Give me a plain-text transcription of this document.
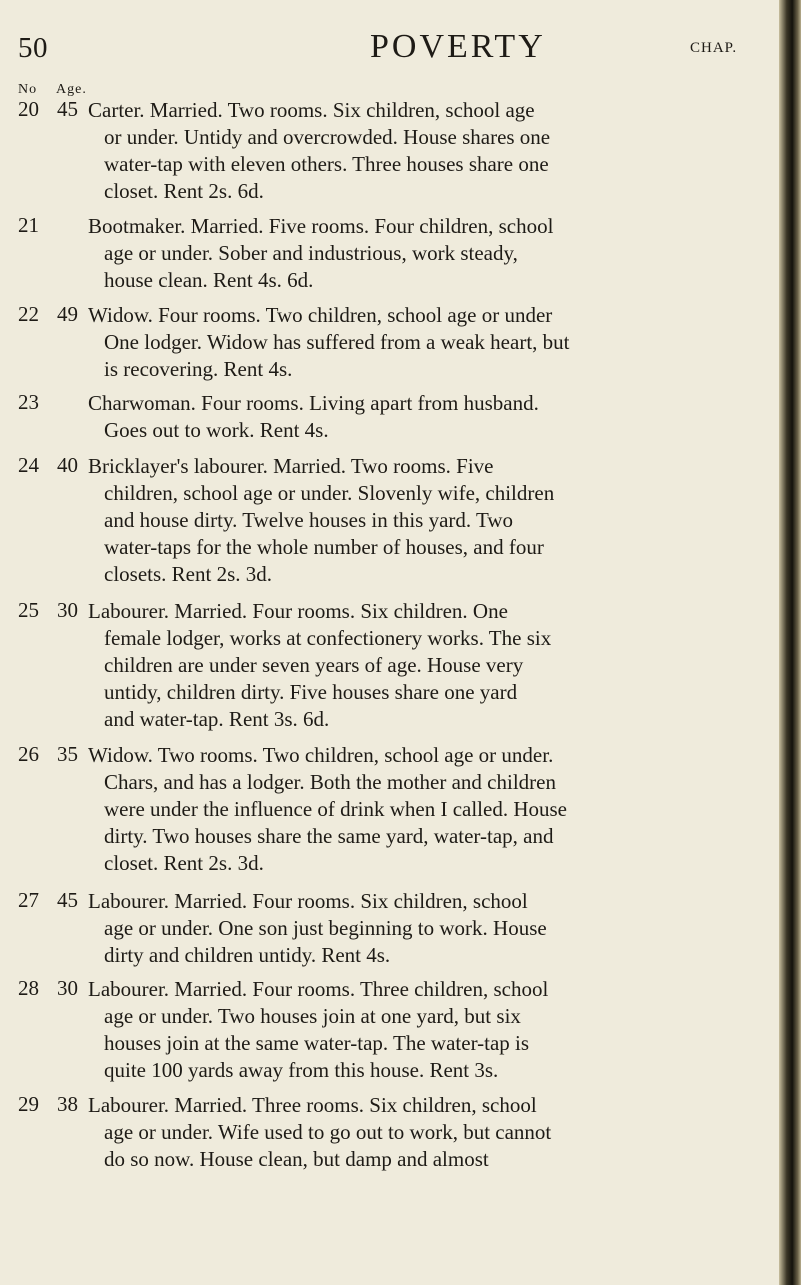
50	POVERTY	CHAP.
No Age.
20 45 Carter. Married. Two rooms. Six children, school age
or under. Untidy and overcrowded. House shares one
water-tap with eleven others. Three houses share one
closet. Rent 2s. 6d.
21 Bootmaker. Married. Five rooms. Four children, school
age or under. Sober and industrious, work steady,
house clean. Rent 4s. 6d.
22 49 Widow. Four rooms. Two children, school age or under
One lodger. Widow has suffered from a weak heart, but
is recovering. Rent 4s.
23 Charwoman. Four rooms. Living apart from husband.
Goes out to work. Rent 4s.
24 40 Bricklayer's labourer. Married. Two rooms. Five
children, school age or under. Slovenly wife, children
and house dirty. Twelve houses in this yard. Two
water-taps for the whole number of houses, and four
closets. Rent 2s. 3d.
25 30 Labourer. Married. Four rooms. Six children. One
female lodger, works at confectionery works. The six
children are under seven years of age. House very
untidy, children dirty. Five houses share one yard
and water-tap. Rent 3s. 6d.
26 35 Widow. Two rooms. Two children, school age or under.
Chars, and has a lodger. Both the mother and children
were under the influence of drink when I called. House
dirty. Two houses share the same yard, water-tap, and
closet. Rent 2s. 3d.
27 45 Labourer. Married. Four rooms. Six children, school
age or under. One son just beginning to work. House
dirty and children untidy. Rent 4s.
28 30 Labourer. Married. Four rooms. Three children, school
age or under. Two houses join at one yard, but six
houses join at the same water-tap. The water-tap is
quite 100 yards away from this house. Rent 3s.
29 38 Labourer. Married. Three rooms. Six children, school
age or under. Wife used to go out to work, but cannot
do so now. House clean, but damp and almost
